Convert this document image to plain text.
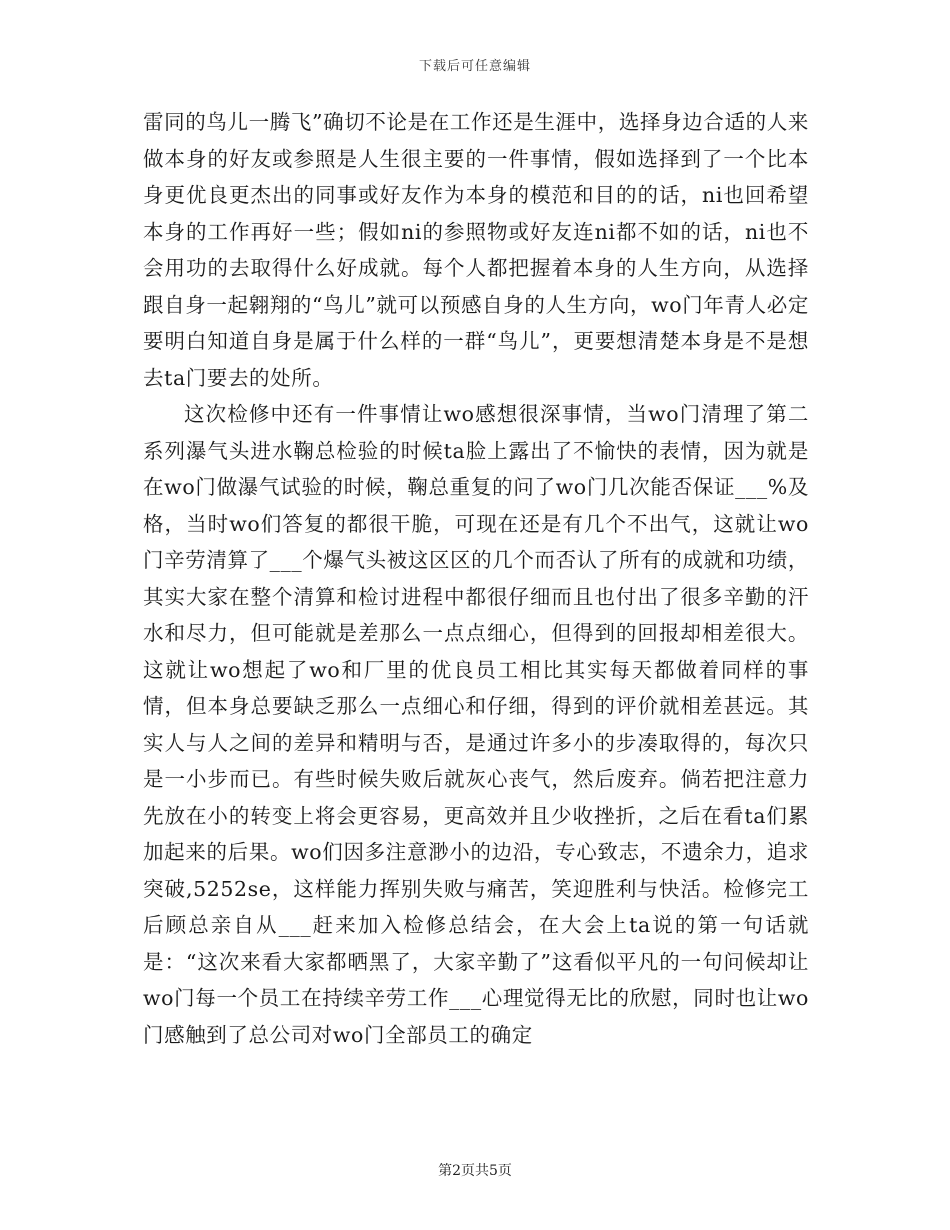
下载后可任意编辑

雷同的鸟儿一腾飞”确切不论是在工作还是生涯中，选择身边合适的人来做本身的好友或参照是人生很主要的一件事情，假如选择到了一个比本身更优良更杰出的同事或好友作为本身的模范和目的的话，ni也回希望本身的工作再好一些；假如ni的参照物或好友连ni都不如的话，ni也不会用功的去取得什么好成就。每个人都把握着本身的人生方向，从选择跟自身一起翱翔的“鸟儿”就可以预感自身的人生方向，wo门年青人必定要明白知道自身是属于什么样的一群“鸟儿”，更要想清楚本身是不是想去ta门要去的处所。

这次检修中还有一件事情让wo感想很深事情，当wo门清理了第二系列瀑气头进水鞠总检验的时候ta脸上露出了不愉快的表情，因为就是在wo门做瀑气试验的时候，鞠总重复的问了wo门几次能否保证___%及格，当时wo们答复的都很干脆，可现在还是有几个不出气，这就让wo门辛劳清算了___个爆气头被这区区的几个而否认了所有的成就和功绩，其实大家在整个清算和检讨进程中都很仔细而且也付出了很多辛勤的汗水和尽力，但可能就是差那么一点点细心，但得到的回报却相差很大。这就让wo想起了wo和厂里的优良员工相比其实每天都做着同样的事情，但本身总要缺乏那么一点细心和仔细，得到的评价就相差甚远。其实人与人之间的差异和精明与否，是通过许多小的步凑取得的，每次只是一小步而已。有些时候失败后就灰心丧气，然后废弃。倘若把注意力先放在小的转变上将会更容易，更高效并且少收挫折，之后在看ta们累加起来的后果。wo们因多注意渺小的边沿，专心致志，不遗余力，追求突破,5252se，这样能力挥别失败与痛苦，笑迎胜利与快活。检修完工后顾总亲自从___赶来加入检修总结会，在大会上ta说的第一句话就是：“这次来看大家都晒黑了，大家辛勤了”这看似平凡的一句问候却让wo门每一个员工在持续辛劳工作___心理觉得无比的欣慰，同时也让wo门感触到了总公司对wo门全部员工的确定

第2页共5页
